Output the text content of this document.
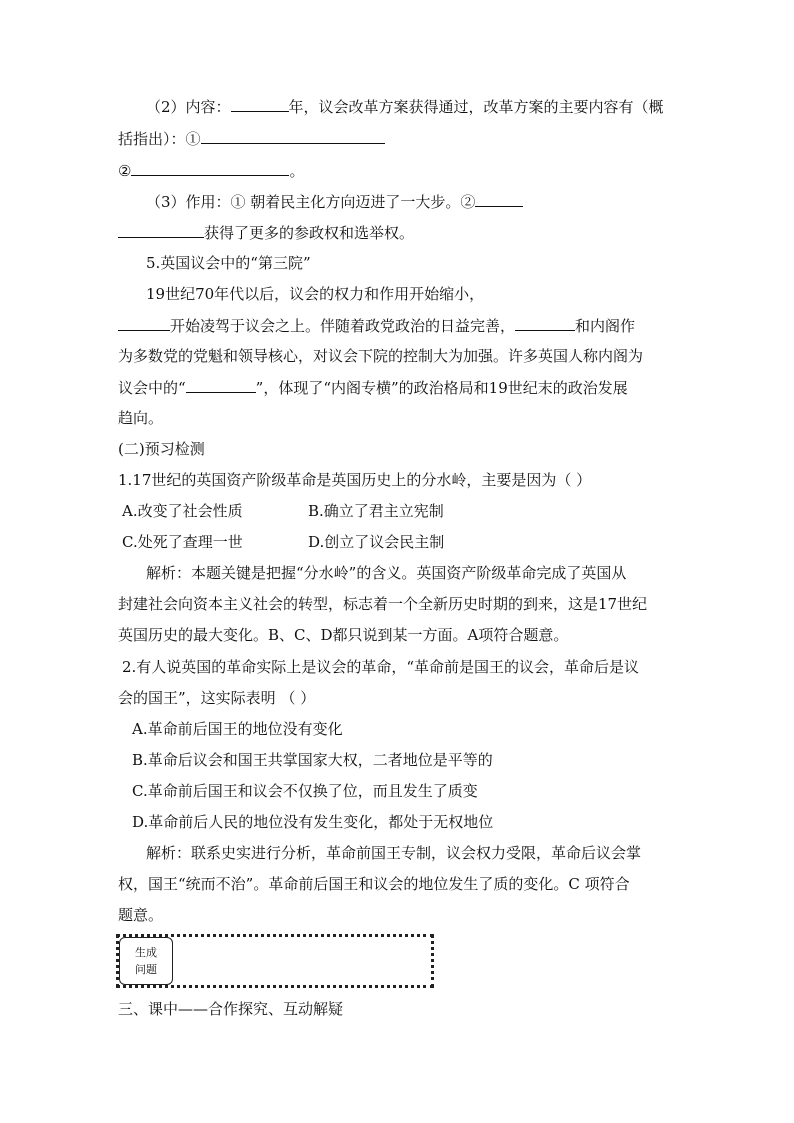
（2）内容：	年，议会改革方案获得通过，改革方案的主要内容有（概
括指出）：①
②	。
（3）作用：① 朝着民主化方向迈进了一大步。②
获得了更多的参政权和选举权。
5.英国议会中的“第三院”
19世纪70年代以后，议会的权力和作用开始缩小，
开始凌驾于议会之上。伴随着政党政治的日益完善，	和内阁作
为多数党的党魁和领导核心，对议会下院的控制大为加强。许多英国人称内阁为
议会中的“	”，体现了“内阁专横”的政治格局和19世纪末的政治发展
趋向。
(二)预习检测
1.17世纪的英国资产阶级革命是英国历史上的分水岭，主要是因为（ ）
A.改变了社会性质	B.确立了君主立宪制
C.处死了查理一世	D.创立了议会民主制
解析：本题关键是把握“分水岭”的含义。英国资产阶级革命完成了英国从
封建社会向资本主义社会的转型，标志着一个全新历史时期的到来，这是17世纪
英国历史的最大变化。B、C、D都只说到某一方面。A项符合题意。
2.有人说英国的革命实际上是议会的革命，“革命前是国王的议会，革命后是议
会的国王”，这实际表明 （ ）
A.革命前后国王的地位没有变化
B.革命后议会和国王共掌国家大权，二者地位是平等的
C.革命前后国王和议会不仅换了位，而且发生了质变
D.革命前后人民的地位没有发生变化，都处于无权地位
解析：联系史实进行分析，革命前国王专制，议会权力受限，革命后议会掌
权，国王“统而不治”。革命前后国王和议会的地位发生了质的变化。C 项符合
题意。
生成
问题
三、课中——合作探究、互动解疑
